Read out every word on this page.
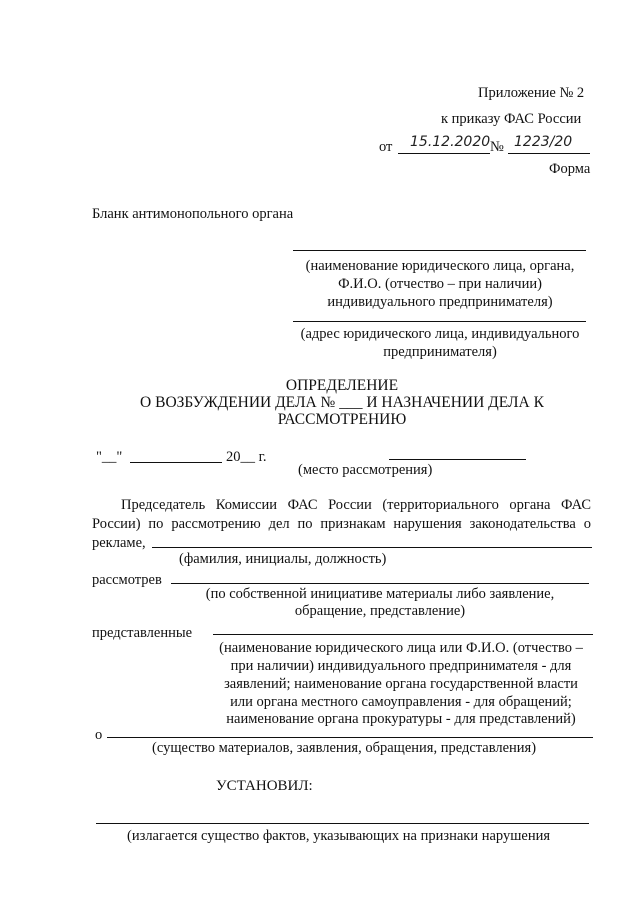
Приложение № 2
к приказу ФАС России
от 15.12.2020 № 1223/20
Форма
Бланк антимонопольного органа
(наименование юридического лица, органа,
Ф.И.О. (отчество – при наличии)
индивидуального предпринимателя)
(адрес юридического лица, индивидуального
предпринимателя)
ОПРЕДЕЛЕНИЕ
О ВОЗБУЖДЕНИИ ДЕЛА № ___ И НАЗНАЧЕНИИ ДЕЛА К
РАССМОТРЕНИЮ
"__"	20__ г.
(место рассмотрения)
Председатель Комиссии ФАС России (территориального органа ФАС
России) по рассмотрению дел по признакам нарушения законодательства о
рекламе,
(фамилия, инициалы, должность)
рассмотрев
(по собственной инициативе материалы либо заявление,
обращение, представление)
представленные
(наименование юридического лица или Ф.И.О. (отчество –
при наличии) индивидуального предпринимателя - для
заявлений; наименование органа государственной власти
или органа местного самоуправления - для обращений;
наименование органа прокуратуры - для представлений)
о
(существо материалов, заявления, обращения, представления)
УСТАНОВИЛ:
(излагается существо фактов, указывающих на признаки нарушения
